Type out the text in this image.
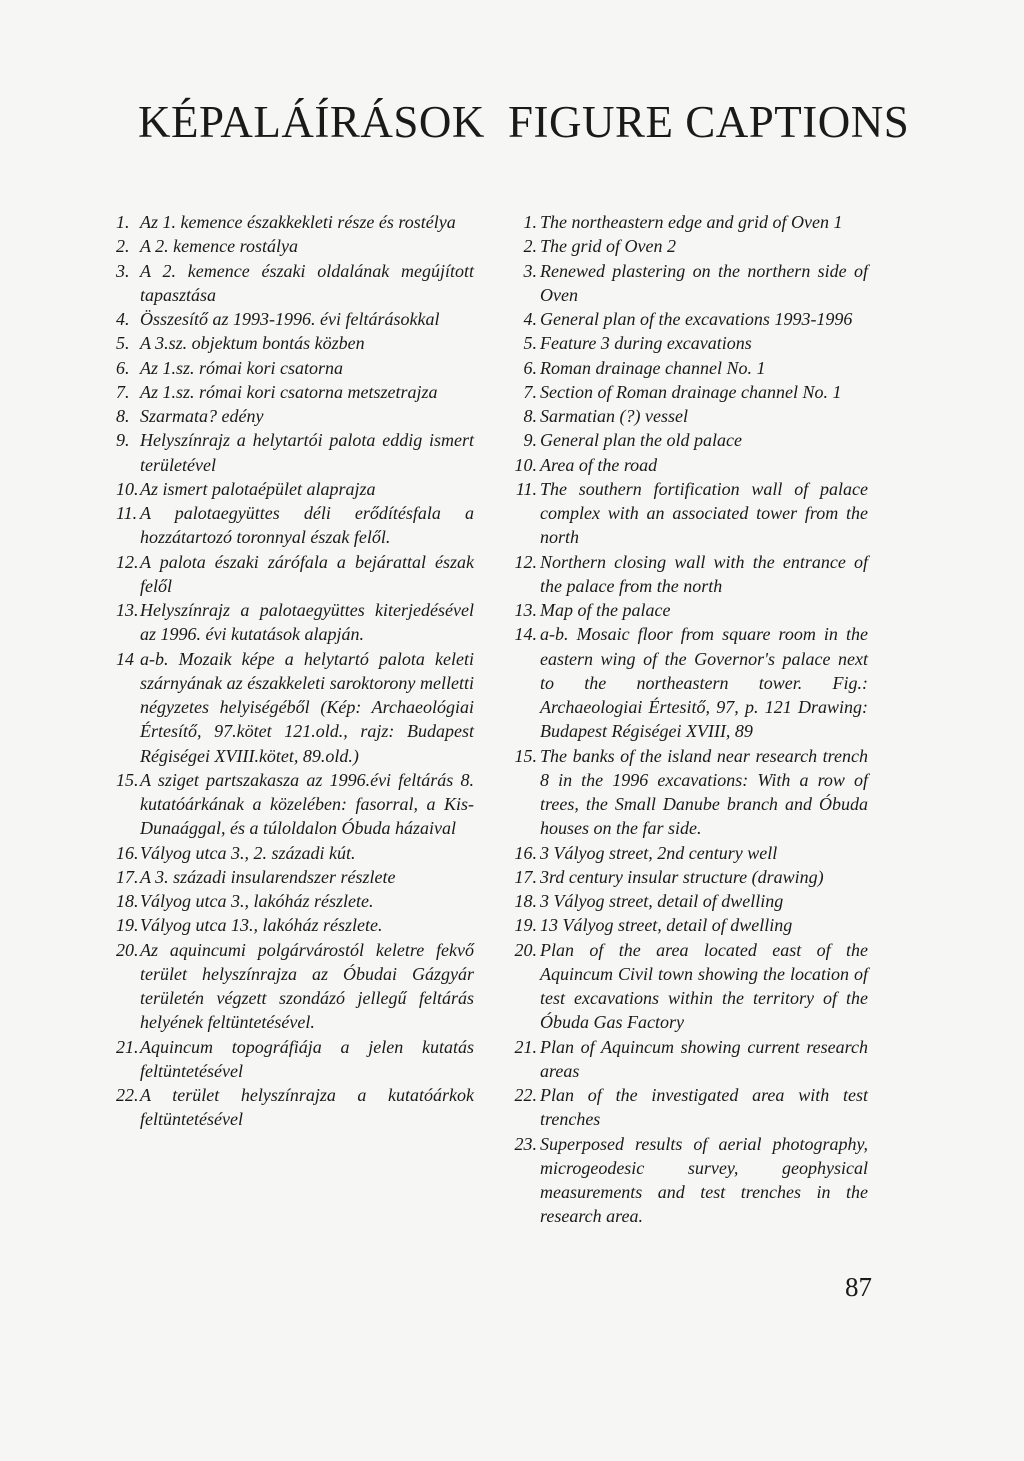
KÉPALÁÍRÁSOK FIGURE CAPTIONS
1. Az 1. kemence északkekleti része és rostélya
2. A 2. kemence rostálya
3. A 2. kemence északi oldalának megújított tapasztása
4. Összesítő az 1993-1996. évi feltárásokkal
5. A 3.sz. objektum bontás közben
6. Az 1.sz. római kori csatorna
7. Az 1.sz. római kori csatorna metszetrajza
8. Szarmata? edény
9. Helyszínrajz a helytartói palota eddig ismert területével
10. Az ismert palotaépület alaprajza
11. A palotaegyüttes déli erődítésfala a hozzátartozó toronnyal észak felől.
12. A palota északi zárófala a bejárattal észak felől
13. Helyszínrajz a palotaegyüttes kiterjedésével az 1996. évi kutatások alapján.
14 a-b. Mozaik képe a helytartó palota keleti szárnyának az északkeleti saroktorony melletti négyzetes helyiségéből (Kép: Archaeológiai Értesítő, 97.kötet 121.old., rajz: Budapest Régiségei XVIII.kötet, 89.old.)
15. A sziget partszakasza az 1996.évi feltárás 8. kutatóárkának a közelében: fasorral, a Kis-Dunaággal, és a túloldalon Óbuda házaival
16. Vályog utca 3., 2. századi kút.
17. A 3. századi insularendszer részlete
18. Vályog utca 3., lakóház részlete.
19. Vályog utca 13., lakóház részlete.
20. Az aquincumi polgárvárostól keletre fekvő terület helyszínrajza az Óbudai Gázgyár területén végzett szondázó jellegű feltárás helyének feltüntetésével.
21. Aquincum topográfiája a jelen kutatás feltüntetésével
22. A terület helyszínrajza a kutatóárkok feltüntetésével
1. The northeastern edge and grid of Oven 1
2. The grid of Oven 2
3. Renewed plastering on the northern side of Oven
4. General plan of the excavations 1993-1996
5. Feature 3 during excavations
6. Roman drainage channel No. 1
7. Section of Roman drainage channel No. 1
8. Sarmatian (?) vessel
9. General plan the old palace
10. Area of the road
11. The southern fortification wall of palace complex with an associated tower from the north
12. Northern closing wall with the entrance of the palace from the north
13. Map of the palace
14. a-b. Mosaic floor from square room in the eastern wing of the Governor's palace next to the northeastern tower. Fig.: Archaeologiai Értesitő, 97, p. 121 Drawing: Budapest Régiségei XVIII, 89
15. The banks of the island near research trench 8 in the 1996 excavations: With a row of trees, the Small Danube branch and Óbuda houses on the far side.
16. 3 Vályog street, 2nd century well
17. 3rd century insular structure (drawing)
18. 3 Vályog street, detail of dwelling
19. 13 Vályog street, detail of dwelling
20. Plan of the area located east of the Aquincum Civil town showing the location of test excavations within the territory of the Óbuda Gas Factory
21. Plan of Aquincum showing current research areas
22. Plan of the investigated area with test trenches
23. Superposed results of aerial photography, microgeodesic survey, geophysical measurements and test trenches in the research area.
87
